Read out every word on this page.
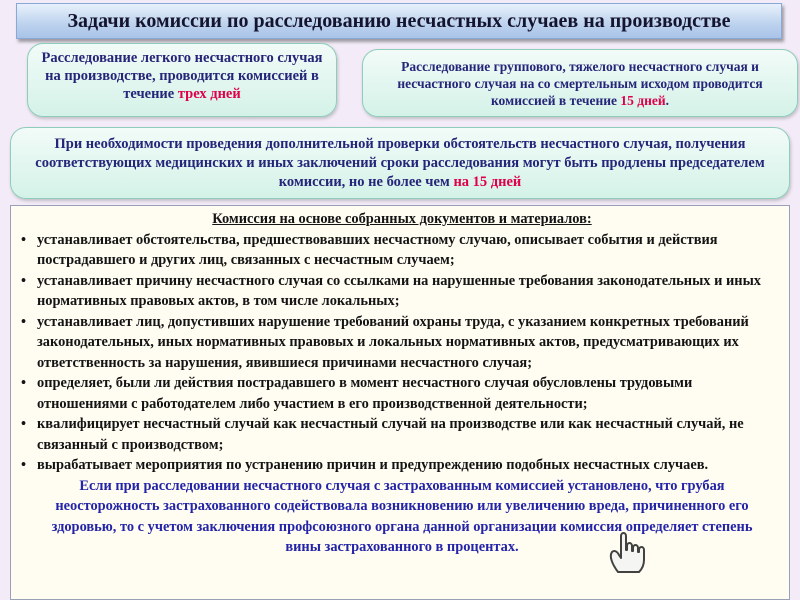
Задачи комиссии по расследованию несчастных случаев на производстве
Расследование легкого несчастного случая на производстве, проводится комиссией в течение трех дней
Расследование группового, тяжелого несчастного случая и несчастного случая на со смертельным исходом проводится комиссией в течение 15 дней.
При необходимости проведения дополнительной проверки обстоятельств несчастного случая, получения соответствующих медицинских и иных заключений сроки расследования могут быть продлены председателем комиссии, но не более чем на 15 дней
Комиссия на основе собранных документов и материалов:
• устанавливает обстоятельства, предшествовавших несчастному случаю, описывает события и действия пострадавшего и других лиц, связанных с несчастным случаем;
• устанавливает причину несчастного случая со ссылками на нарушенные требования законодательных и иных нормативных правовых актов, в том числе локальных;
• устанавливает лиц, допустивших нарушение требований охраны труда, с указанием конкретных требований законодательных, иных нормативных правовых и локальных нормативных актов, предусматривающих их ответственность за нарушения, явившиеся причинами несчастного случая;
• определяет, были ли действия пострадавшего в момент несчастного случая обусловлены трудовыми отношениями с работодателем либо участием в его производственной деятельности;
• квалифицирует несчастный случай как несчастный случай на производстве или как несчастный случай, не связанный с производством;
• вырабатывает мероприятия по устранению причин и предупреждению подобных несчастных случаев.
Если при расследовании несчастного случая с застрахованным комиссией установлено, что грубая неосторожность застрахованного содействовала возникновению или увеличению вреда, причиненного его здоровью, то с учетом заключения профсоюзного органа данной организации комиссия определяет степень вины застрахованного в процентах.
